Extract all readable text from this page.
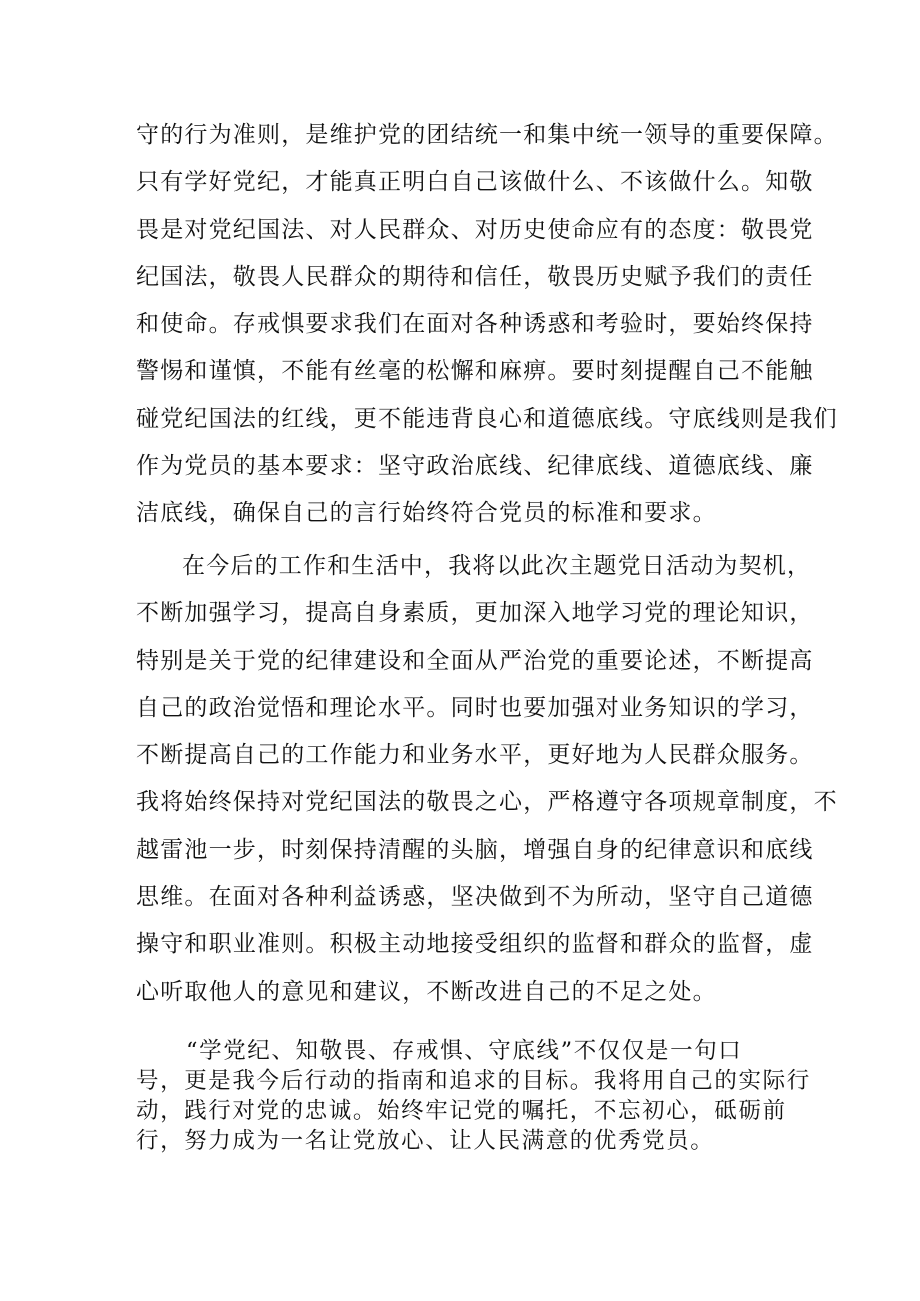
守的行为准则，是维护党的团结统一和集中统一领导的重要保障。
只有学好党纪，才能真正明白自己该做什么、不该做什么。知敬
畏是对党纪国法、对人民群众、对历史使命应有的态度：敬畏党
纪国法，敬畏人民群众的期待和信任，敬畏历史赋予我们的责任
和使命。存戒惧要求我们在面对各种诱惑和考验时，要始终保持
警惕和谨慎，不能有丝毫的松懈和麻痹。要时刻提醒自己不能触
碰党纪国法的红线，更不能违背良心和道德底线。守底线则是我们
作为党员的基本要求：坚守政治底线、纪律底线、道德底线、廉
洁底线，确保自己的言行始终符合党员的标准和要求。
在今后的工作和生活中，我将以此次主题党日活动为契机，
不断加强学习，提高自身素质，更加深入地学习党的理论知识，
特别是关于党的纪律建设和全面从严治党的重要论述，不断提高
自己的政治觉悟和理论水平。同时也要加强对业务知识的学习，
不断提高自己的工作能力和业务水平，更好地为人民群众服务。
我将始终保持对党纪国法的敬畏之心，严格遵守各项规章制度，不
越雷池一步，时刻保持清醒的头脑，增强自身的纪律意识和底线
思维。在面对各种利益诱惑，坚决做到不为所动，坚守自己道德
操守和职业准则。积极主动地接受组织的监督和群众的监督，虚
心听取他人的意见和建议，不断改进自己的不足之处。
“学党纪、知敬畏、存戒惧、守底线”不仅仅是一句口
号，更是我今后行动的指南和追求的目标。我将用自己的实际行
动，践行对党的忠诚。始终牢记党的嘱托，不忘初心，砥砺前
行，努力成为一名让党放心、让人民满意的优秀党员。
